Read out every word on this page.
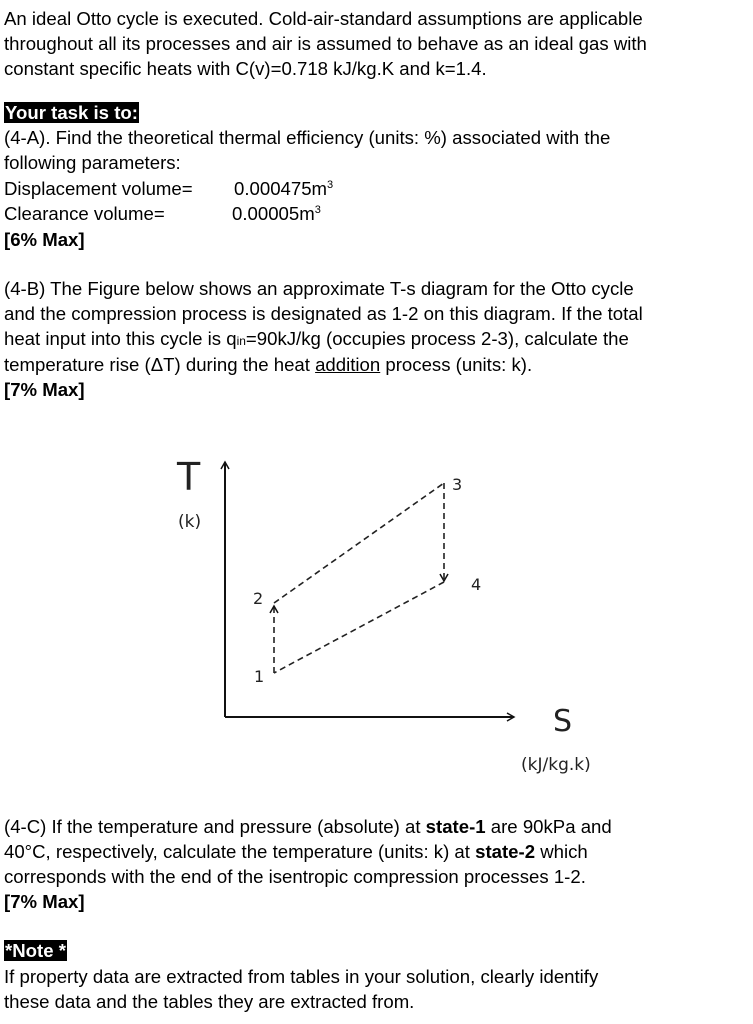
An ideal Otto cycle is executed. Cold-air-standard assumptions are applicable
throughout all its processes and air is assumed to behave as an ideal gas with
constant specific heats with C(v)=0.718 kJ/kg.K and k=1.4.
Your task is to:
(4-A). Find the theoretical thermal efficiency (units: %) associated with the
following parameters:
Displacement volume= $0.000475m^3$
Clearance volume=	$0.00005m^3$
[6% Max]
(4-B) The Figure below shows an approximate T-s diagram for the Otto cycle
and the compression process is designated as 1-2 on this diagram. If the total
heat input into this cycle is qin=90kJ/kg (occupies process 2-3), calculate the
temperature rise (ΔT) during the heat addition process (units: k).
[7% Max]
T
(k)
1
2
3
4
S
(kJ/kg.k)
(4-C) If the temperature and pressure (absolute) at state-1 are 90kPa and
40°C, respectively, calculate the temperature (units: k) at state-2 which
corresponds with the end of the isentropic compression processes 1-2.
[7% Max]
*Note *
If property data are extracted from tables in your solution, clearly identify
these data and the tables they are extracted from.
